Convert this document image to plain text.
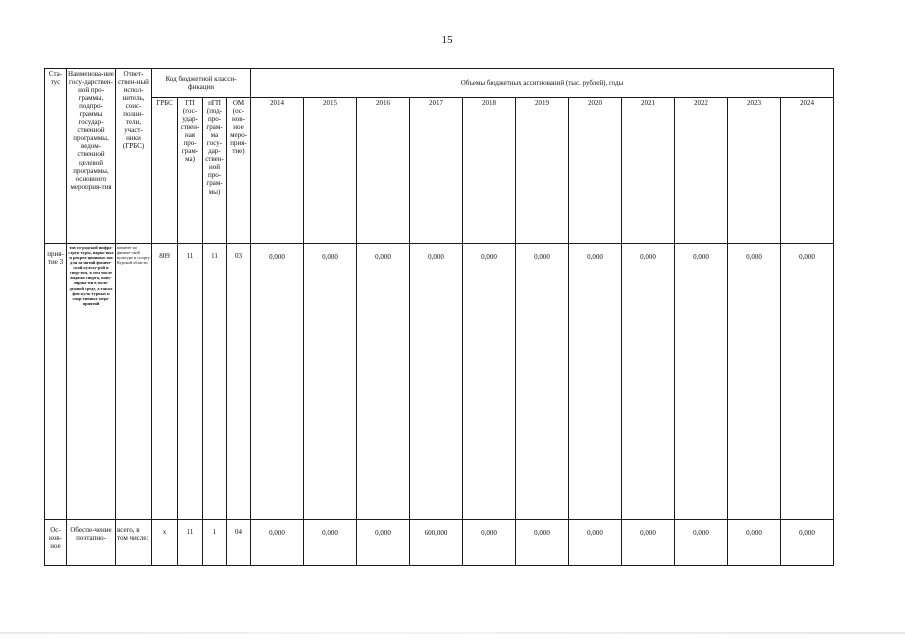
15
Ста-тус	Наименова-ние госу-дарствен-ной про-граммы, подпро-граммы государ-ственной программы, ведом-ственной целевой программы, основного мероприя-тия	Ответ-ствен-ный испол-нитель, соис-полни-тели, участ-ники (ГРБС)	Код бюджетной класси-фикации				Объемы бюджетных ассигнований (тыс. рублей), годы										
			ГРБС	ГП (гос-удар-ствен-ная про-грам-ма)	пГП (под-про-грам-ма госу-дар-ствен-ной про-грам-мы)	ОМ (ос-нов-ное меро-прия-тие)	2014	2015	2016	2017	2018	2019	2020	2021	2022	2023	2024
прия-тие 3	тов го-родской инфра-струк-туры, парко-вых и рекреа-ционных зон для за-нятий физиче-ской культу-рой и спор-том, в том числе видами спорта, попу-лярны-ми в моло-дежной среде, а также физ-куль-турных и спор-тивных меро-приятий	комитет по физиче-ской культуре и спорту Курской области	809	11	11	03	0,000	0,000	0,000	0,000	0,000	0,000	0,000	0,000	0,000	0,000	0,000
Ос-нов-ное	Обеспе-чение поэтапно-	всего, в том числе:	х	11	1	04	0,000	0,000	0,000	600,000	0,000	0,000	0,000	0,000	0,000	0,000	0,000
